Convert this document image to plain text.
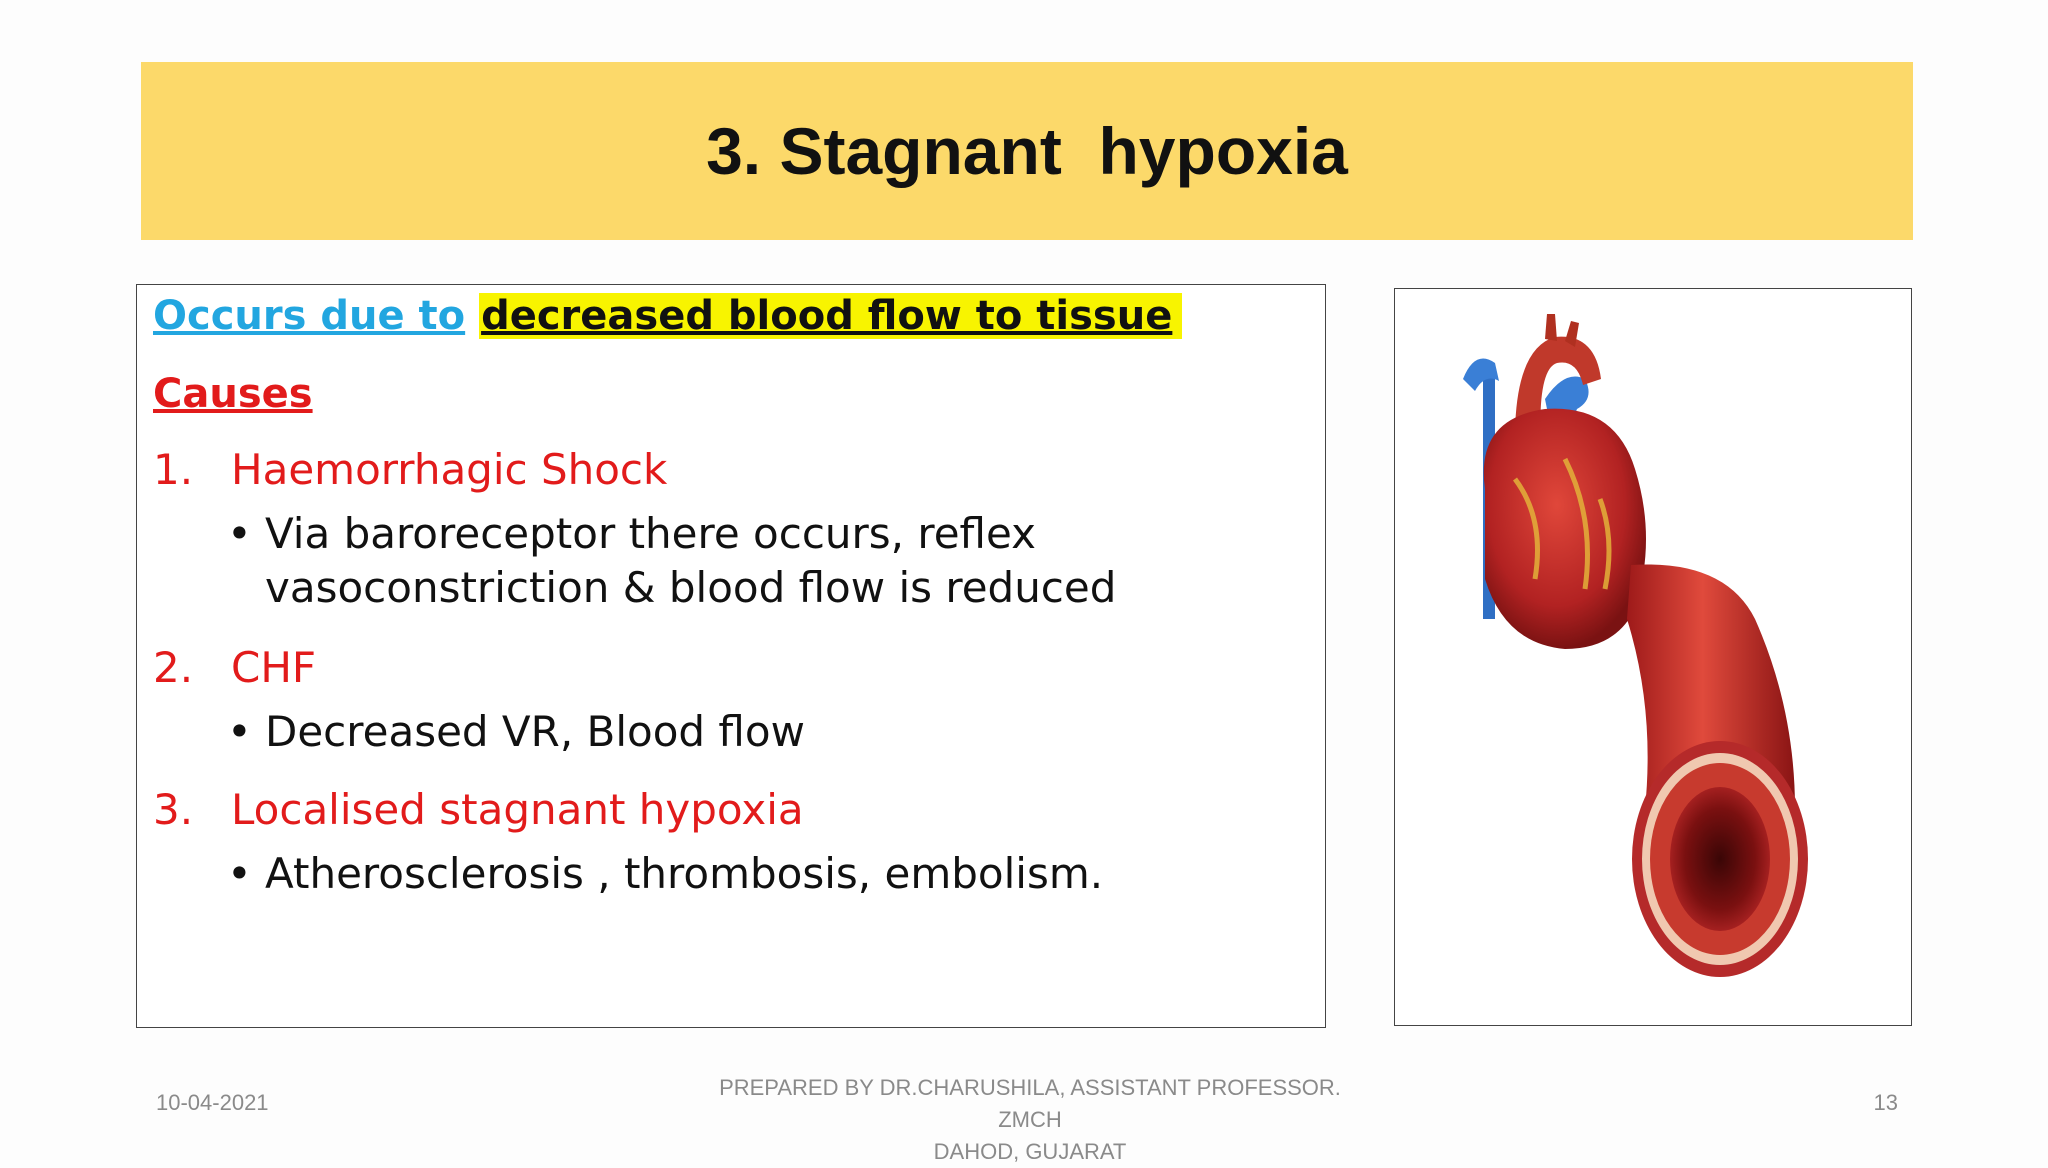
3. Stagnant  hypoxia
Occurs due to decreased blood flow to tissue
Causes
1. Haemorrhagic Shock
• Via baroreceptor there occurs, reflex
vasoconstriction & blood flow is reduced
2. CHF
• Decreased VR, Blood flow
3. Localised stagnant hypoxia
• Atherosclerosis , thrombosis, embolism.
10-04-2021
PREPARED BY DR.CHARUSHILA, ASSISTANT PROFESSOR. ZMCH
DAHOD, GUJARAT
13
